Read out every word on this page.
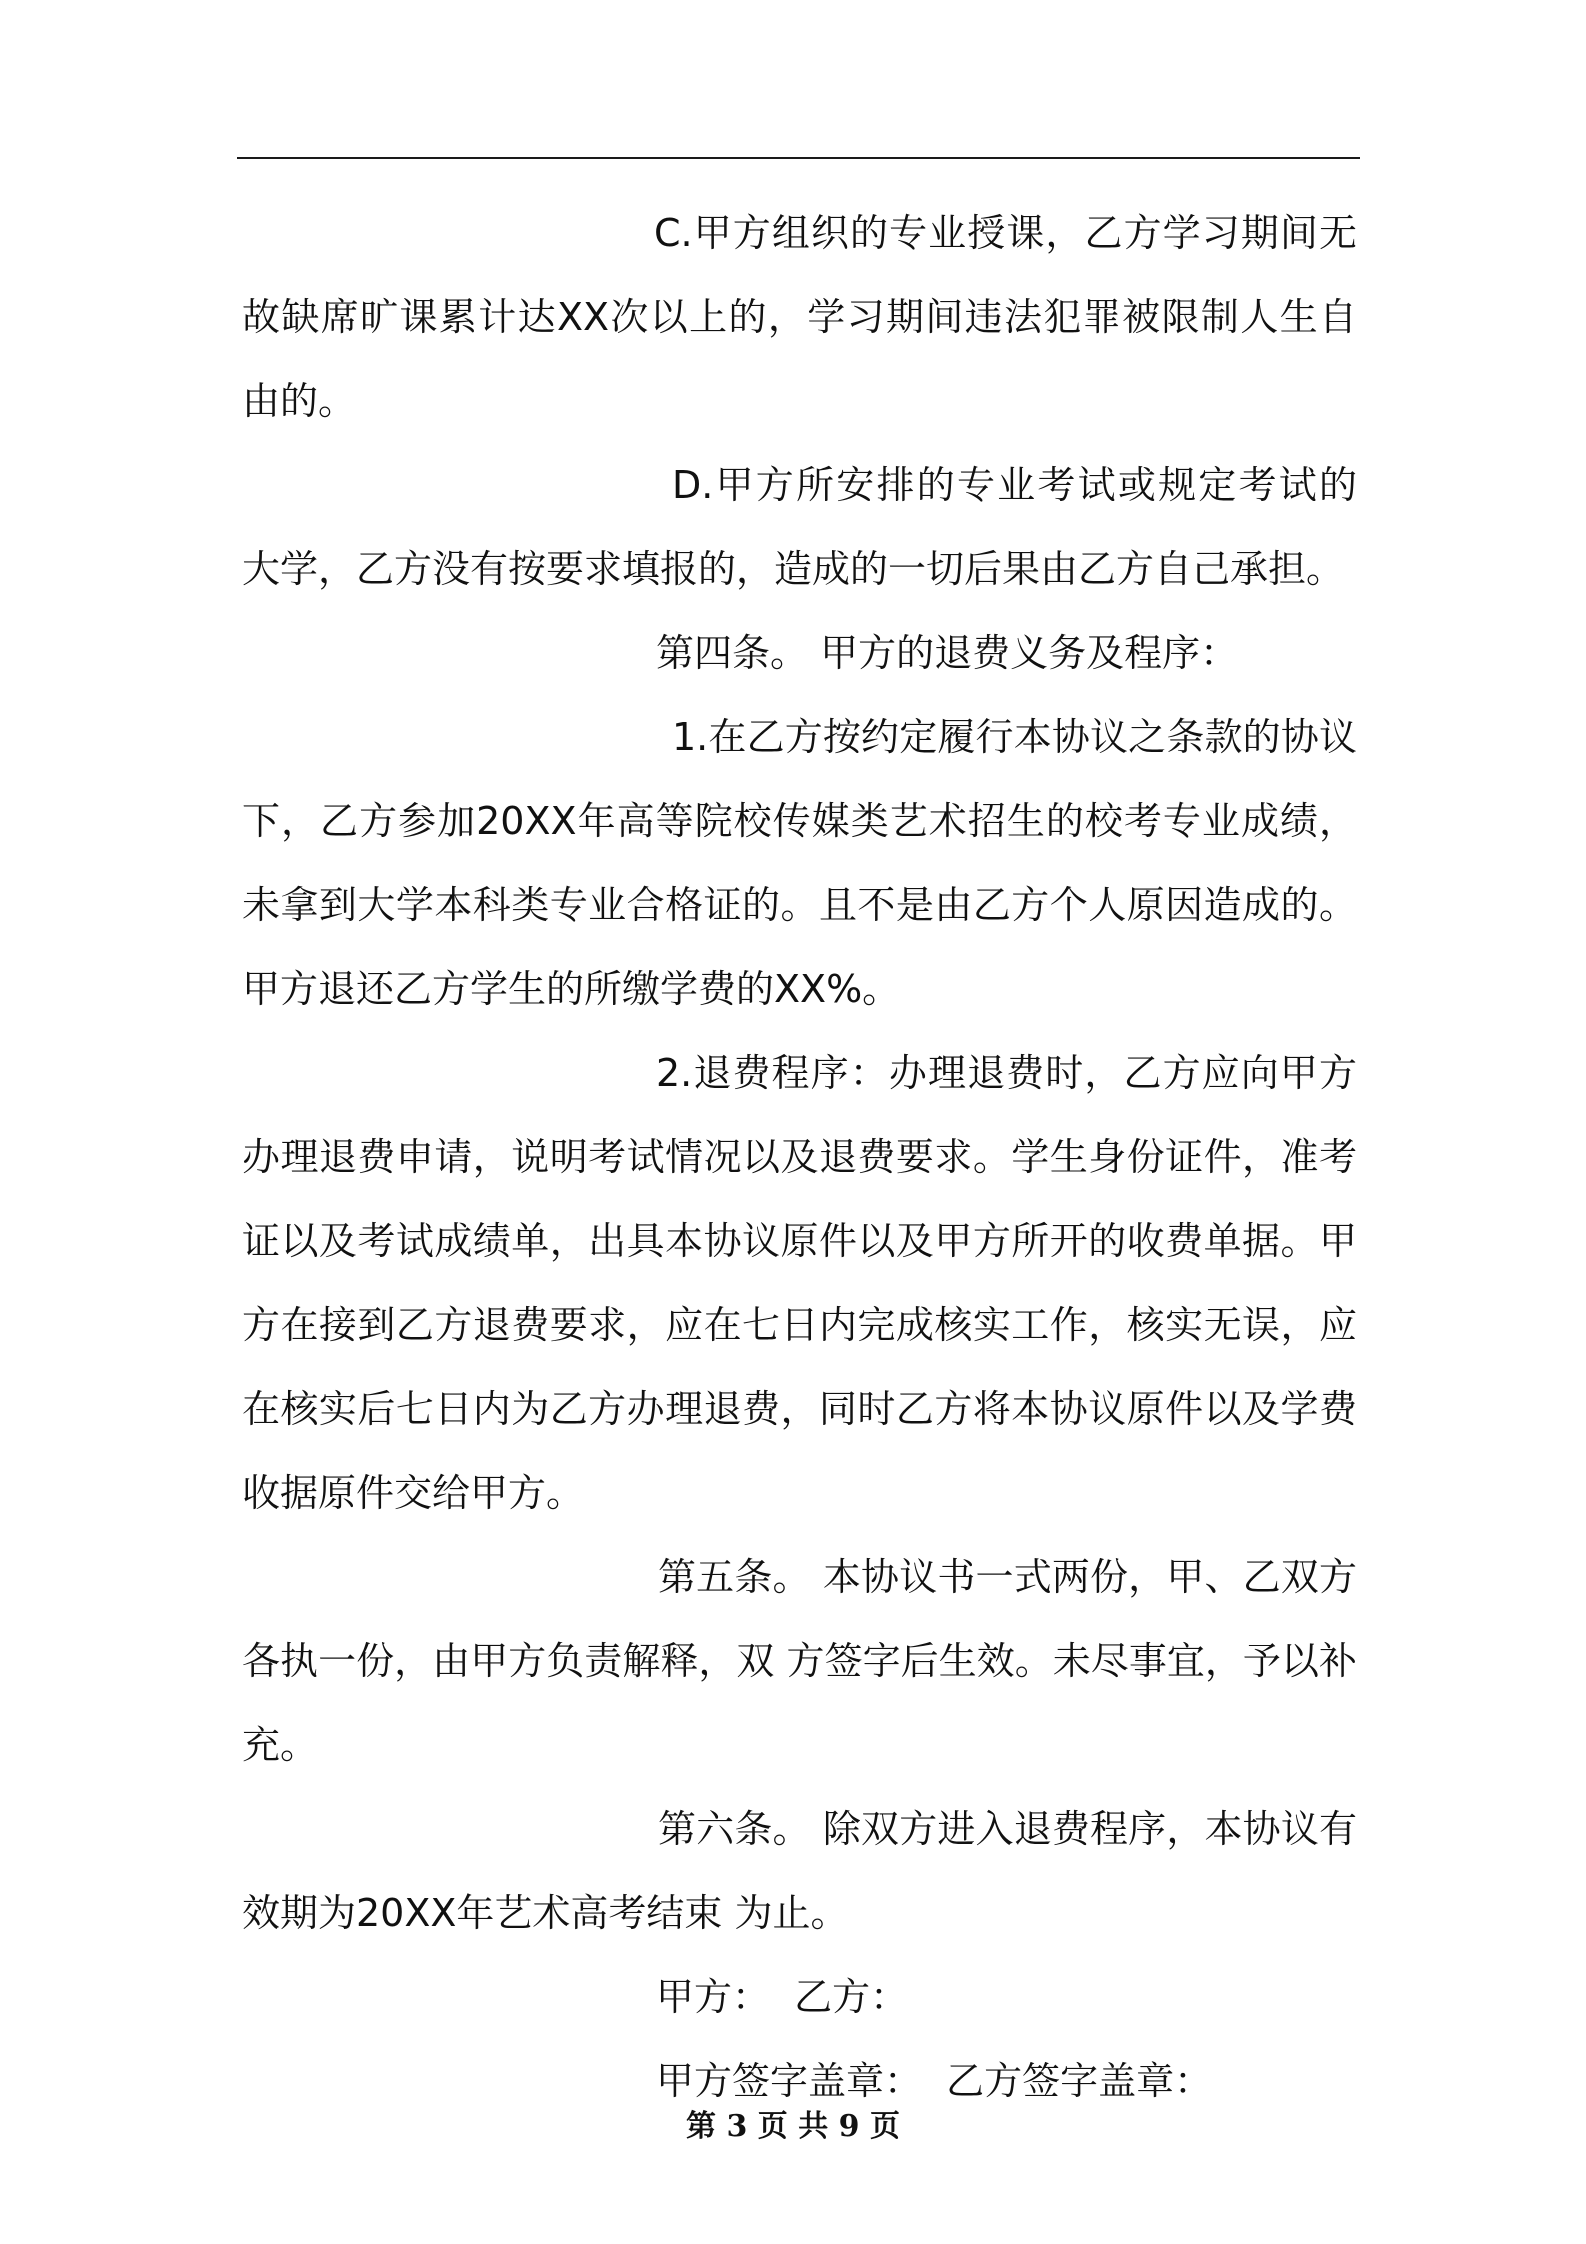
C.甲方组织的专业授课，乙方学习期间无故缺席旷课累计达XX次以上的，学习期间违法犯罪被限制人生自由的。

D.甲方所安排的专业考试或规定考试的大学，乙方没有按要求填报的，造成的一切后果由乙方自己承担。

第四条。 甲方的退费义务及程序：

1.在乙方按约定履行本协议之条款的协议下，乙方参加20XX年高等院校传媒类艺术招生的校考专业成绩，未拿到大学本科类专业合格证的。且不是由乙方个人原因造成的。甲方退还乙方学生的所缴学费的XX%。

2.退费程序：办理退费时，乙方应向甲方办理退费申请，说明考试情况以及退费要求。学生身份证件，准考证以及考试成绩单，出具本协议原件以及甲方所开的收费单据。甲方在接到乙方退费要求，应在七日内完成核实工作，核实无误，应在核实后七日内为乙方办理退费，同时乙方将本协议原件以及学费收据原件交给甲方。

第五条。 本协议书一式两份，甲、乙双方各执一份，由甲方负责解释，双 方签字后生效。未尽事宜，予以补充。

第六条。 除双方进入退费程序，本协议有效期为20XX年艺术高考结束 为止。

甲方：  乙方：

甲方签字盖章：  乙方签字盖章：

第 3 页 共 9 页
